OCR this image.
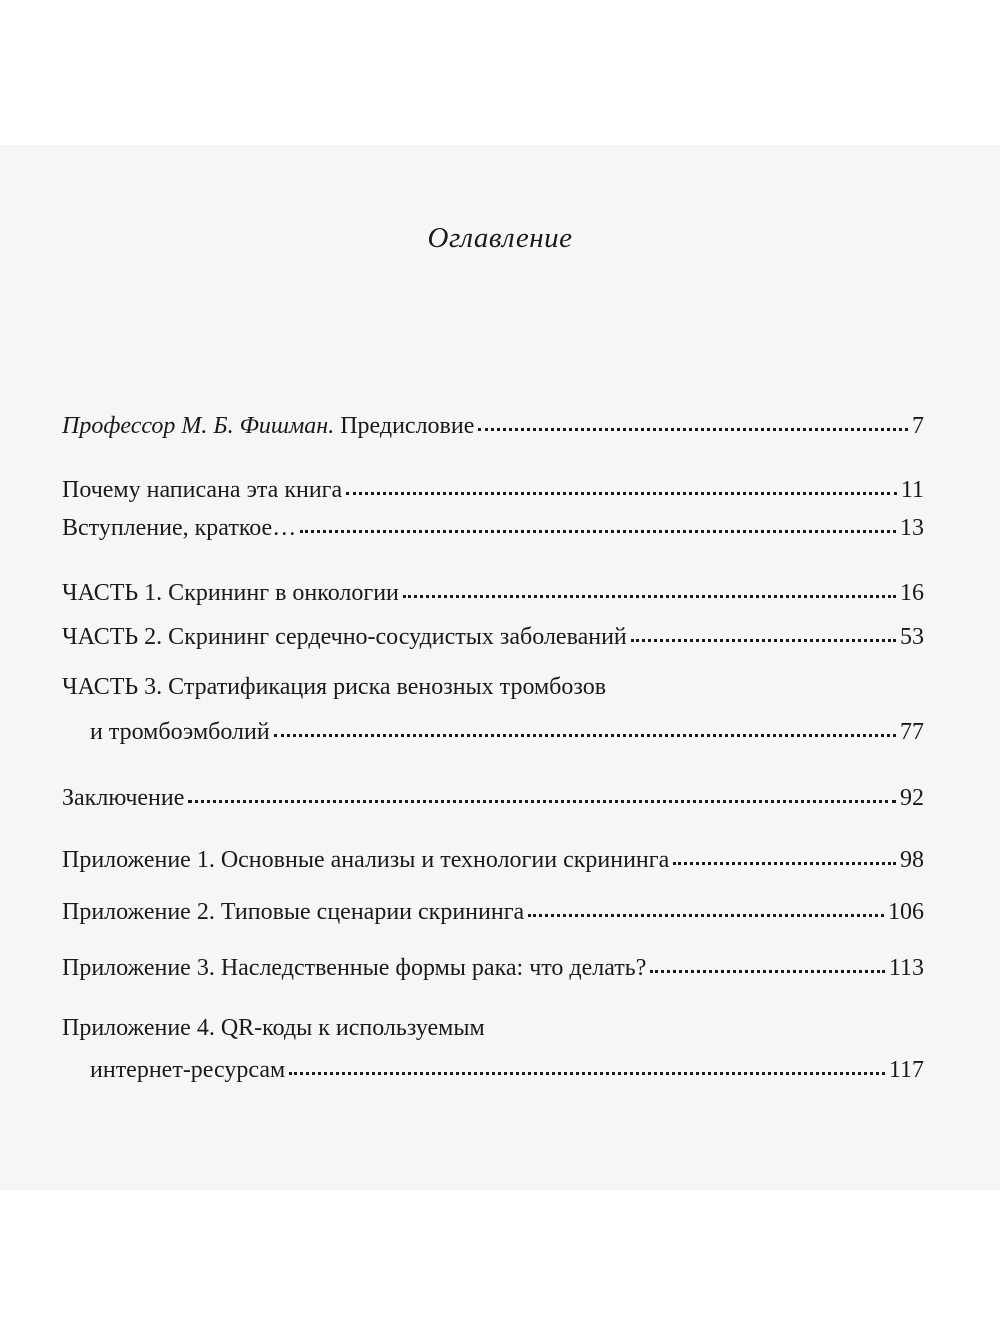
Оглавление
Профессор М. Б. Фишман. Предисловие	7
Почему написана эта книга	11
Вступление, краткое…	13
ЧАСТЬ 1. Скрининг в онкологии	16
ЧАСТЬ 2. Скрининг сердечно-сосудистых заболеваний	53
ЧАСТЬ 3. Стратификация риска венозных тромбозов
и тромбоэмболий	77
Заключение	92
Приложение 1. Основные анализы и технологии скрининга	98
Приложение 2. Типовые сценарии скрининга	106
Приложение 3. Наследственные формы рака: что делать?	113
Приложение 4. QR-коды к используемым
интернет-ресурсам	117
